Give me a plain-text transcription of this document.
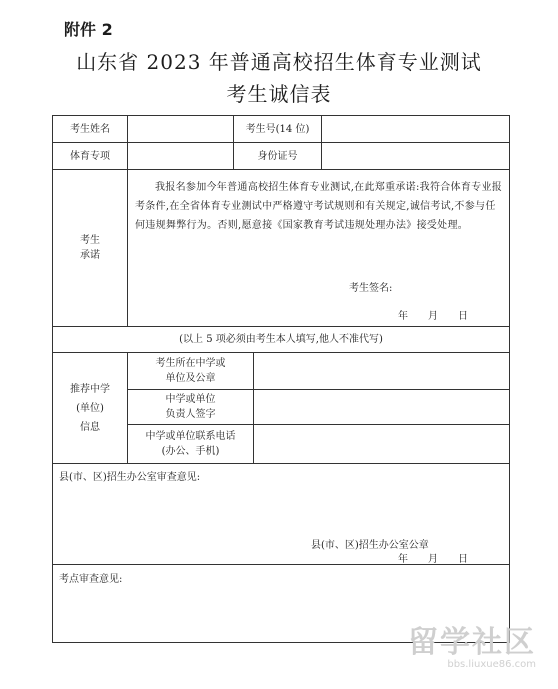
附件 2
山东省 2023 年普通高校招生体育专业测试
考生诚信表
考生姓名	考生号(14 位)
体育专项	身份证号
考生
承诺
我报名参加今年普通高校招生体育专业测试,在此郑重承诺:我符合体育专业报考条件,在全省体育专业测试中严格遵守考试规则和有关规定,诚信考试,不参与任何违规舞弊行为。否则,愿意接《国家教育考试违规处理办法》接受处理。
考生签名:
年　　月　　日
(以上 5 项必须由考生本人填写,他人不准代写)
推荐中学
(单位)
信息
考生所在中学或
单位及公章
中学或单位
负责人签字
中学或单位联系电话
(办公、手机)
县(市、区)招生办公室审查意见:
县(市、区)招生办公室公章
年　　月　　日
考点审查意见:
留学社区
bbs.liuxue86.com
